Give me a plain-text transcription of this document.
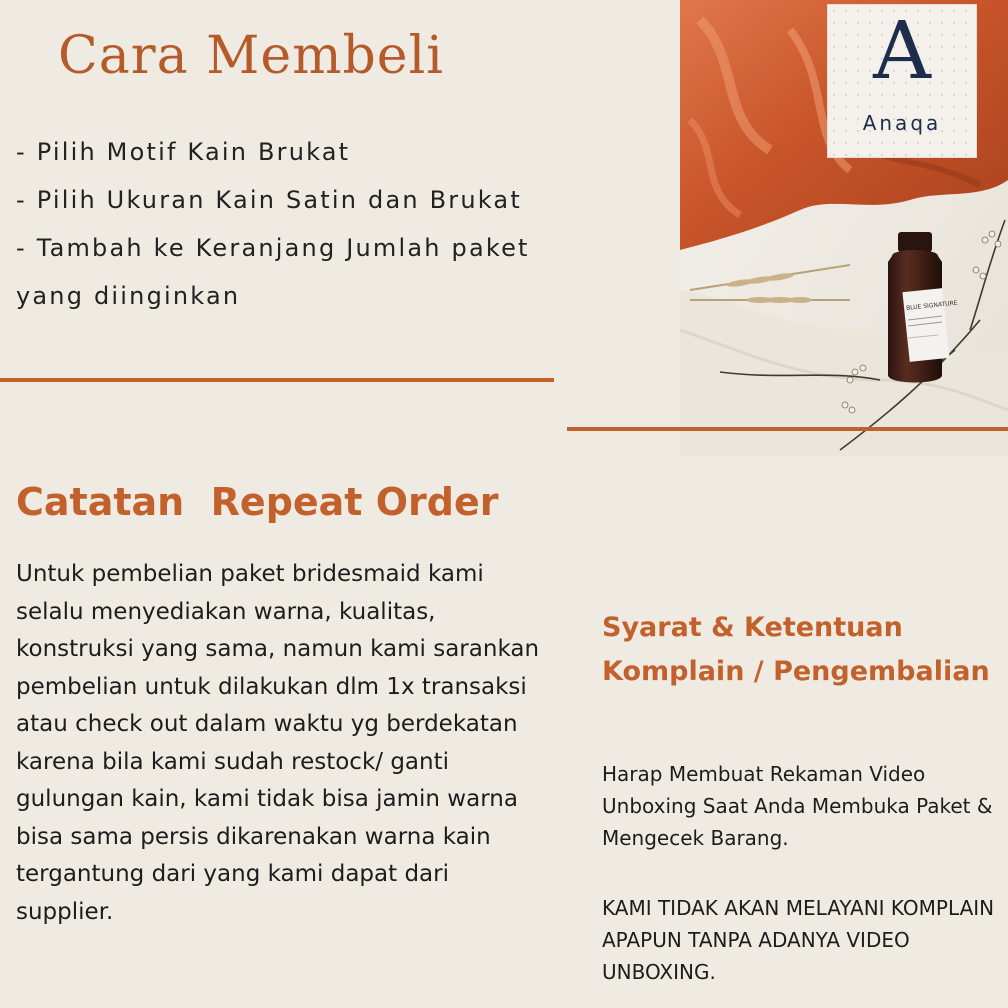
Cara Membeli
- Pilih Motif Kain Brukat
- Pilih Ukuran Kain Satin dan Brukat
- Tambah ke Keranjang Jumlah paket yang diinginkan	BLUE SIGNATURE
A
Anaqa
Catatan  Repeat Order

Untuk pembelian paket bridesmaid kami selalu menyediakan warna, kualitas, konstruksi yang sama, namun kami sarankan pembelian untuk dilakukan dlm 1x transaksi atau check out dalam waktu yg berdekatan karena bila kami sudah restock/ ganti gulungan kain, kami tidak bisa jamin warna bisa sama persis dikarenakan warna kain tergantung dari yang kami dapat dari supplier.

Syarat & Ketentuan Komplain / Pengembalian

Harap Membuat Rekaman Video Unboxing Saat Anda Membuka Paket & Mengecek Barang.

KAMI TIDAK AKAN MELAYANI KOMPLAIN APAPUN TANPA ADANYA VIDEO UNBOXING.
